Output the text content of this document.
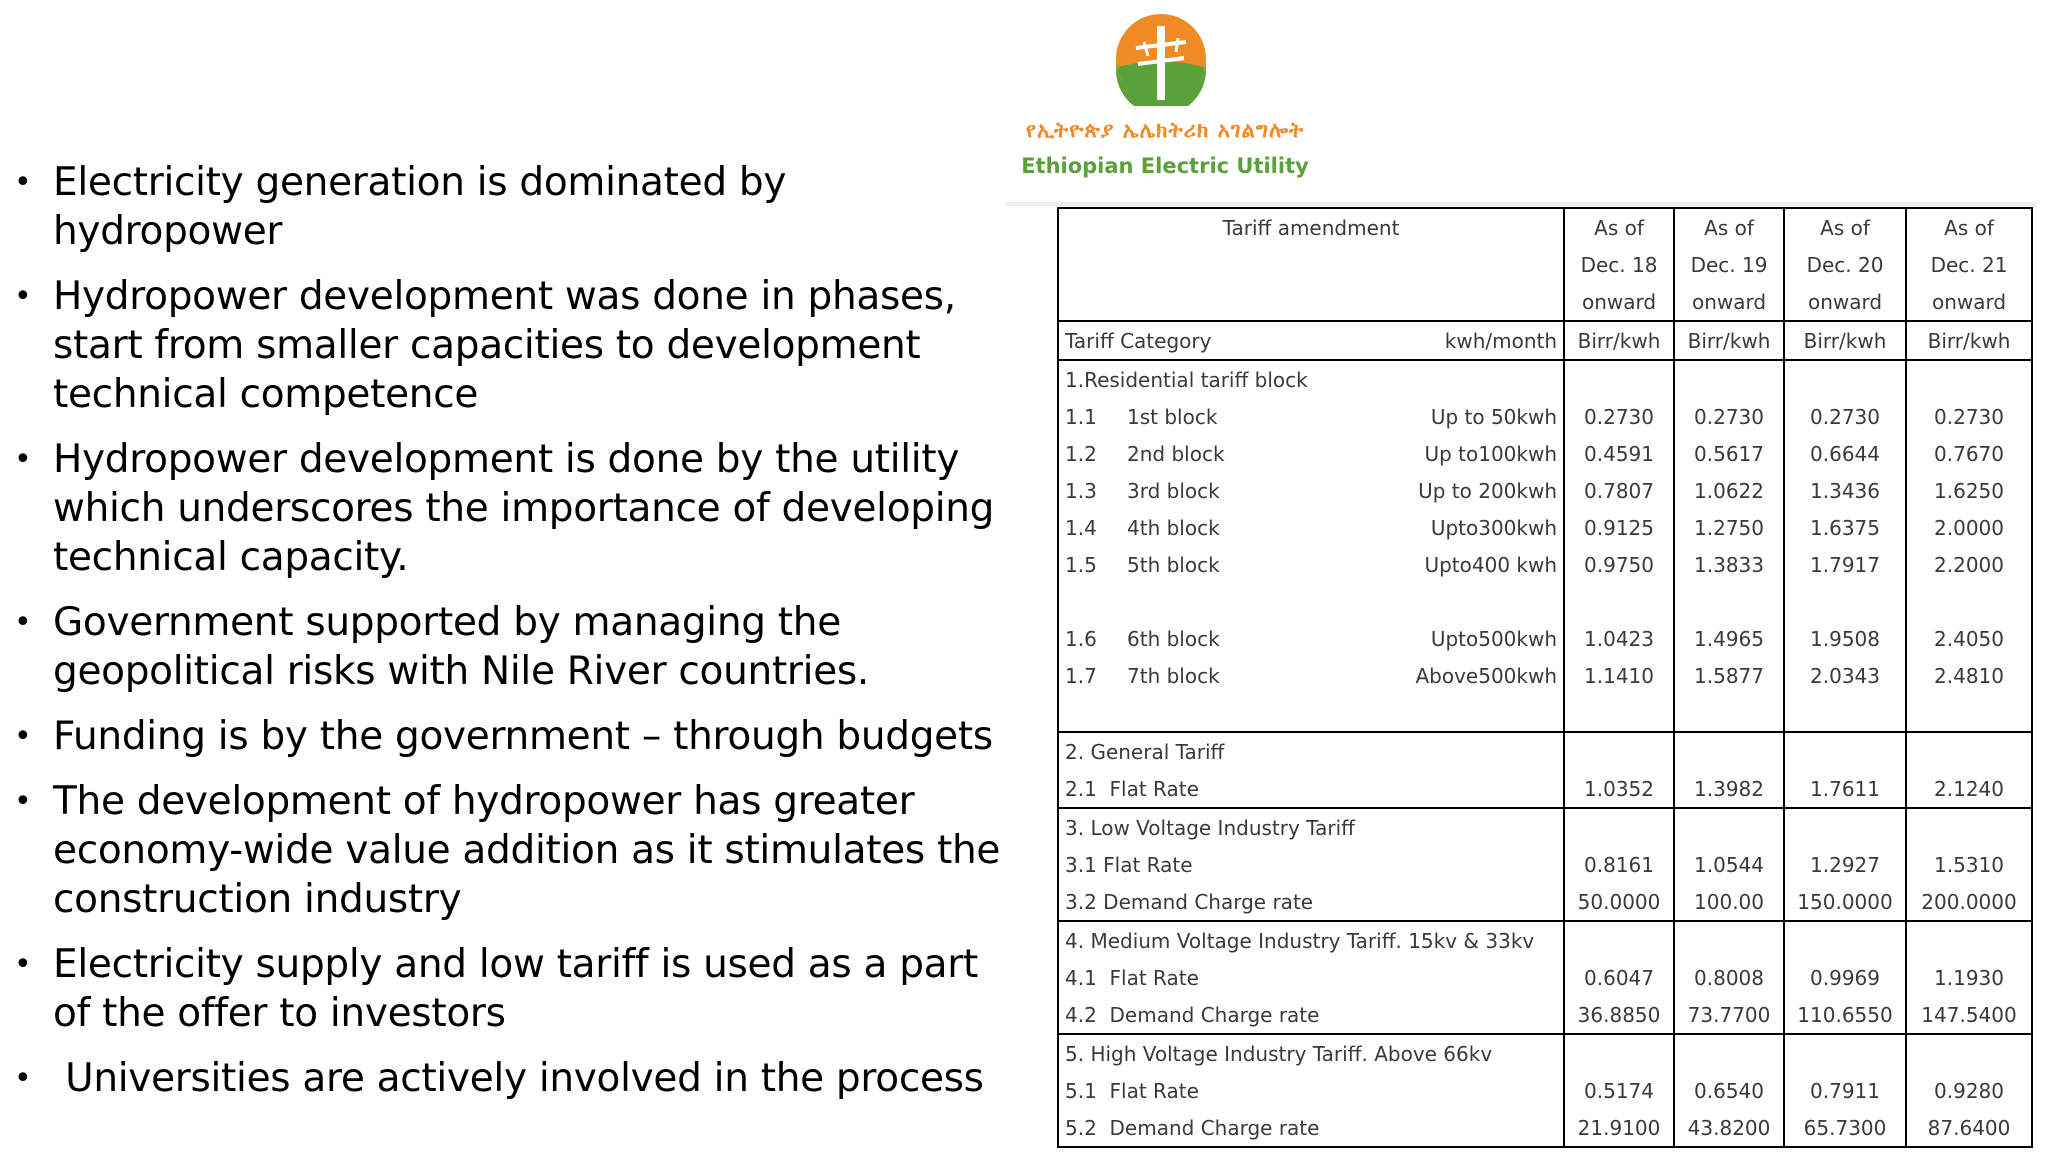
• Electricity generation is dominated by hydropower
• Hydropower development was done in phases, start from smaller capacities to development technical competence
• Hydropower development is done by the utility which underscores the importance of developing technical capacity.
• Government supported by managing the geopolitical risks with Nile River countries.
• Funding is by the government – through budgets
• The development of hydropower has greater economy-wide value addition as it stimulates the construction industry
• Electricity supply and low tariff is used as a part of the offer to investors
• Universities are actively involved in the process
የኢትዮጵያ ኤሌክትሪክ አገልግሎት
Ethiopian Electric Utility
Tariff amendment			As of	As of	As of	As of
			Dec. 18	Dec. 19	Dec. 20	Dec. 21
			onward	onward	onward	onward
Tariff Category		kwh/month	Birr/kwh	Birr/kwh	Birr/kwh	Birr/kwh
1.Residential tariff block						
1.1	1st block	Up to 50kwh	0.2730	0.2730	0.2730	0.2730
1.2	2nd block	Up to100kwh	0.4591	0.5617	0.6644	0.7670
1.3	3rd block	Up to 200kwh	0.7807	1.0622	1.3436	1.6250
1.4	4th block	Upto300kwh	0.9125	1.2750	1.6375	2.0000
1.5	5th block	Upto400 kwh	0.9750	1.3833	1.7917	2.2000

1.6	6th block	Upto500kwh	1.0423	1.4965	1.9508	2.4050
1.7	7th block	Above500kwh	1.1410	1.5877	2.0343	2.4810

2. General Tariff						
2.1  Flat Rate			1.0352	1.3982	1.7611	2.1240
3. Low Voltage Industry Tariff						
3.1 Flat Rate			0.8161	1.0544	1.2927	1.5310
3.2 Demand Charge rate			50.0000	100.00	150.0000	200.0000
4. Medium Voltage Industry Tariff. 15kv & 33kv						
4.1  Flat Rate			0.6047	0.8008	0.9969	1.1930
4.2  Demand Charge rate			36.8850	73.7700	110.6550	147.5400
5. High Voltage Industry Tariff. Above 66kv						
5.1  Flat Rate			0.5174	0.6540	0.7911	0.9280
5.2  Demand Charge rate			21.9100	43.8200	65.7300	87.6400
